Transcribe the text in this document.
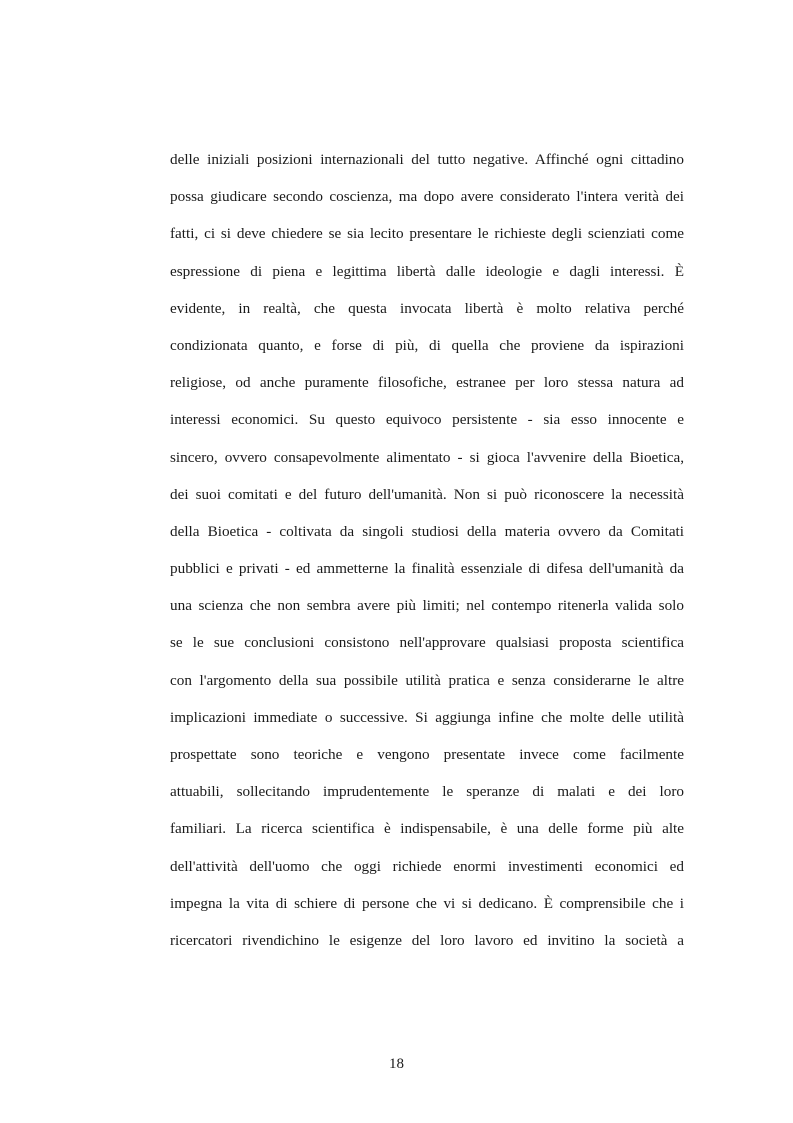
delle iniziali posizioni internazionali del tutto negative. Affinché ogni cittadino
possa giudicare secondo coscienza, ma dopo avere considerato l'intera verità dei
fatti, ci si deve chiedere se sia lecito presentare le richieste degli scienziati come
espressione di piena e legittima libertà dalle ideologie e dagli interessi. È
evidente, in realtà, che questa invocata libertà è molto relativa perché
condizionata quanto, e forse di più, di quella che proviene da ispirazioni
religiose, od anche puramente filosofiche, estranee per loro stessa natura ad
interessi economici. Su questo equivoco persistente - sia esso innocente e
sincero, ovvero consapevolmente alimentato - si gioca l'avvenire della Bioetica,
dei suoi comitati e del futuro dell'umanità. Non si può riconoscere la necessità
della Bioetica - coltivata da singoli studiosi della materia ovvero da Comitati
pubblici e privati - ed ammetterne la finalità essenziale di difesa dell'umanità da
una scienza che non sembra avere più limiti; nel contempo ritenerla valida solo
se le sue conclusioni consistono nell'approvare qualsiasi proposta scientifica
con l'argomento della sua possibile utilità pratica e senza considerarne le altre
implicazioni immediate o successive. Si aggiunga infine che molte delle utilità
prospettate sono teoriche e vengono presentate invece come facilmente
attuabili, sollecitando imprudentemente le speranze di malati e dei loro
familiari. La ricerca scientifica è indispensabile, è una delle forme più alte
dell'attività dell'uomo che oggi richiede enormi investimenti economici ed
impegna la vita di schiere di persone che vi si dedicano. È comprensibile che i
ricercatori rivendichino le esigenze del loro lavoro ed invitino la società a
18
